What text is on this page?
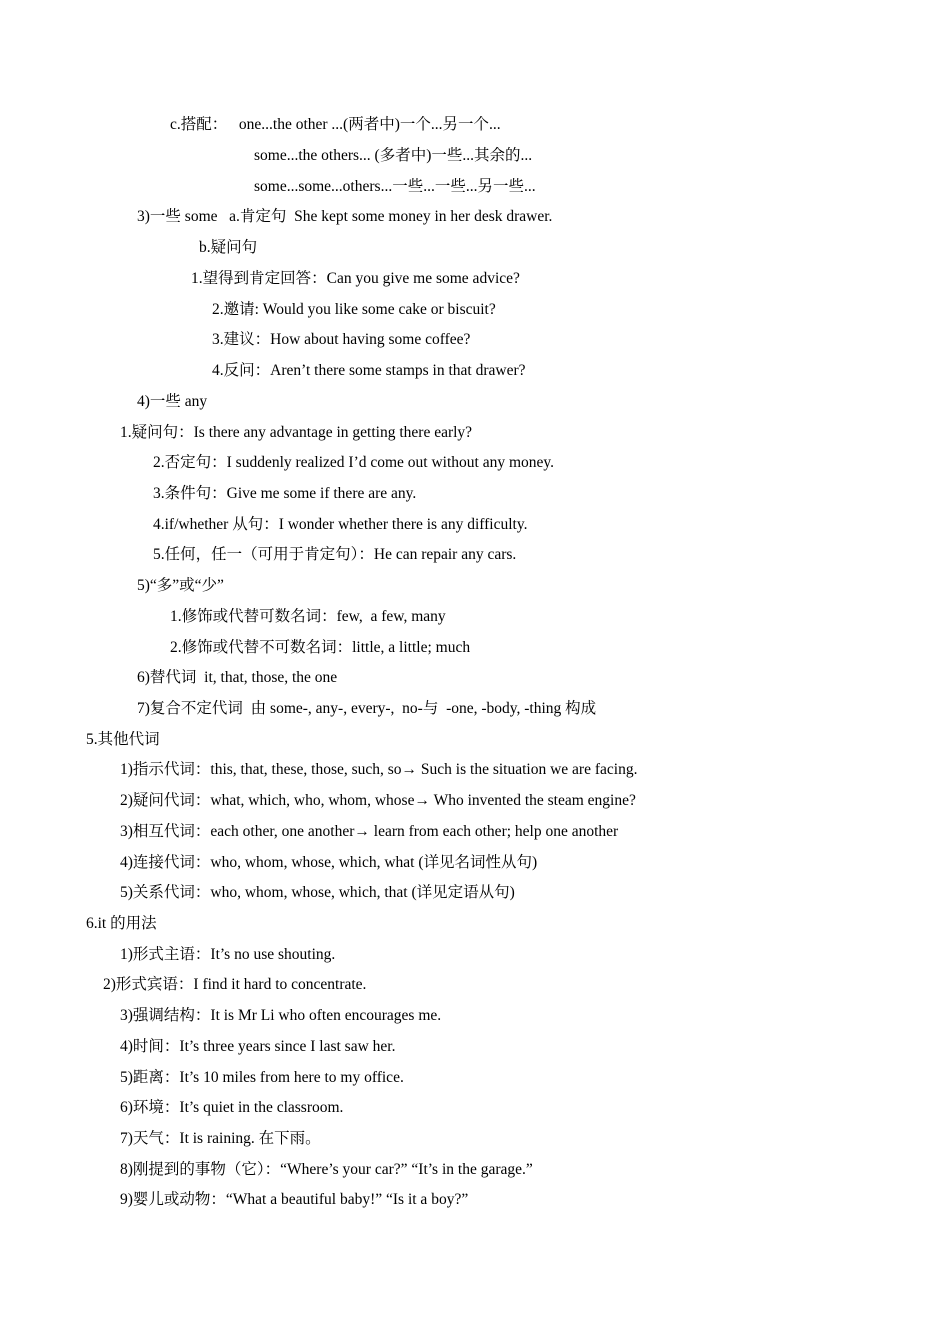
c.搭配：   one...the other ...(两者中)一个...另一个...
some...the others... (多者中)一些...其余的...
some...some...others...一些...一些...另一些...
3)一些 some   a.肯定句  She kept some money in her desk drawer.
b.疑问句
1.望得到肯定回答：Can you give me some advice?
2.邀请: Would you like some cake or biscuit?
3.建议：How about having some coffee?
4.反问：Aren’t there some stamps in that drawer?
4)一些 any
1.疑问句：Is there any advantage in getting there early?
2.否定句：I suddenly realized I’d come out without any money.
3.条件句：Give me some if there are any.
4.if/whether 从句：I wonder whether there is any difficulty.
5.任何，任一（可用于肯定句）：He can repair any cars.
5)“多”或“少”
1.修饰或代替可数名词：few,  a few, many
2.修饰或代替不可数名词：little, a little; much
6)替代词  it, that, those, the one
7)复合不定代词  由 some-, any-, every-,  no-与  -one, -body, -thing 构成
5.其他代词
1)指示代词：this, that, these, those, such, so→ Such is the situation we are facing.
2)疑问代词：what, which, who, whom, whose→ Who invented the steam engine?
3)相互代词：each other, one another→ learn from each other; help one another
4)连接代词：who, whom, whose, which, what (详见名词性从句)
5)关系代词：who, whom, whose, which, that (详见定语从句)
6.it 的用法
1)形式主语：It’s no use shouting.
2)形式宾语：I find it hard to concentrate.
3)强调结构：It is Mr Li who often encourages me.
4)时间：It’s three years since I last saw her.
5)距离：It’s 10 miles from here to my office.
6)环境：It’s quiet in the classroom.
7)天气：It is raining. 在下雨。
8)刚提到的事物（它）：“Where’s your car?” “It’s in the garage.”
9)婴儿或动物：“What a beautiful baby!” “Is it a boy?”
